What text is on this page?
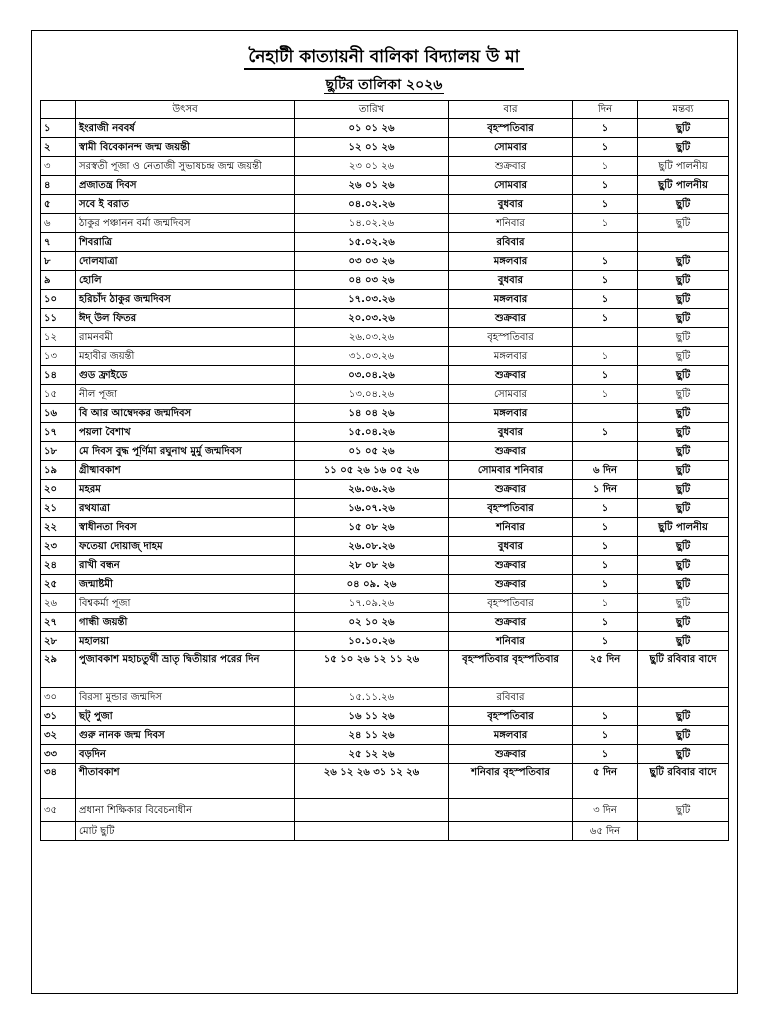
নৈহাটী কাত্যায়নী বালিকা বিদ্যালয় উ মা
ছুটির তালিকা ২০২৬
	উৎসব	তারিখ	বার	দিন	মন্তব্য
১	ইংরাজী নববর্ষ	০১ ০১ ২৬	বৃহস্পতিবার	১	ছুটি
২	স্বামী বিবেকানন্দ জন্ম জয়ন্তী	১২ ০১ ২৬	সোমবার	১	ছুটি
৩	সরস্বতী পূজা ও নেতাজী সুভাষচন্দ্র জন্ম জয়ন্তী	২৩ ০১ ২৬	শুক্রবার	১	ছুটি পালনীয়
৪	প্রজাতন্ত্র দিবস	২৬ ০১ ২৬	সোমবার	১	ছুটি পালনীয়
৫	সবে ই বরাত	০৪.০২.২৬	বুধবার	১	ছুটি
৬	ঠাকুর পঞ্চানন বর্মা জন্মদিবস	১৪.০২.২৬	শনিবার	১	ছুটি
৭	শিবরাত্রি	১৫.০২.২৬	রবিবার		
৮	দোলযাত্রা	০৩ ০৩ ২৬	মঙ্গলবার	১	ছুটি
৯	হোলি	০৪ ০৩ ২৬	বুধবার	১	ছুটি
১০	হরিচাঁদ ঠাকুর জন্মদিবস	১৭.০৩.২৬	মঙ্গলবার	১	ছুটি
১১	ঈদ্ উল ফিতর	২০.০৩.২৬	শুক্রবার	১	ছুটি
১২	রামনবমী	২৬.০৩.২৬	বৃহস্পতিবার		ছুটি
১৩	মহাবীর জয়ন্তী	৩১.০৩.২৬	মঙ্গলবার	১	ছুটি
১৪	গুড ফ্রাইডে	০৩.০৪.২৬	শুক্রবার	১	ছুটি
১৫	নীল পূজা	১৩.০৪.২৬	সোমবার	১	ছুটি
১৬	বি আর আম্বেদকর জন্মদিবস	১৪ ০৪ ২৬	মঙ্গলবার		ছুটি
১৭	পয়লা বৈশাখ	১৫.০৪.২৬	বুধবার	১	ছুটি
১৮	মে দিবস বুদ্ধ পূর্ণিমা রঘুনাথ মুর্মু জন্মদিবস	০১ ০৫ ২৬	শুক্রবার		ছুটি
১৯	গ্রীষ্মাবকাশ	১১ ০৫ ২৬ ১৬ ০৫ ২৬	সোমবার শনিবার	৬ দিন	ছুটি
২০	মহরম	২৬.০৬.২৬	শুক্রবার	১ দিন	ছুটি
২১	রথযাত্রা	১৬.০৭.২৬	বৃহস্পতিবার	১	ছুটি
২২	স্বাধীনতা দিবস	১৫ ০৮ ২৬	শনিবার	১	ছুটি পালনীয়
২৩	ফতেয়া দোয়াজ্ দাহম	২৬.০৮.২৬	বুধবার	১	ছুটি
২৪	রাখী বন্ধন	২৮ ০৮ ২৬	শুক্রবার	১	ছুটি
২৫	জন্মাষ্টমী	০৪ ০৯. ২৬	শুক্রবার	১	ছুটি
২৬	বিশ্বকর্মা পূজা	১৭.০৯.২৬	বৃহস্পতিবার	১	ছুটি
২৭	গান্ধী জয়ন্তী	০২ ১০ ২৬	শুক্রবার	১	ছুটি
২৮	মহালয়া	১০.১০.২৬	শনিবার	১	ছুটি
২৯	পুজাবকাশ মহাচতুর্থী ভ্রাতৃ দ্বিতীয়ার পরের দিন	১৫ ১০ ২৬ ১২ ১১ ২৬	বৃহস্পতিবার বৃহস্পতিবার	২৫ দিন	ছুটি রবিবার বাদে
৩০	বিরসা মুন্ডার জন্মদিস	১৫.১১.২৬	রবিবার		
৩১	ছট্ পুজা	১৬ ১১ ২৬	বৃহস্পতিবার	১	ছুটি
৩২	গুরু নানক জন্ম দিবস	২৪ ১১ ২৬	মঙ্গলবার	১	ছুটি
৩৩	বড়দিন	২৫ ১২ ২৬	শুক্রবার	১	ছুটি
৩৪	শীতাবকাশ	২৬ ১২ ২৬ ৩১ ১২ ২৬	শনিবার বৃহস্পতিবার	৫ দিন	ছুটি রবিবার বাদে
৩৫	প্রধানা শিক্ষিকার বিবেচনাধীন			৩ দিন	ছুটি
	মোট ছুটি			৬৫ দিন	
